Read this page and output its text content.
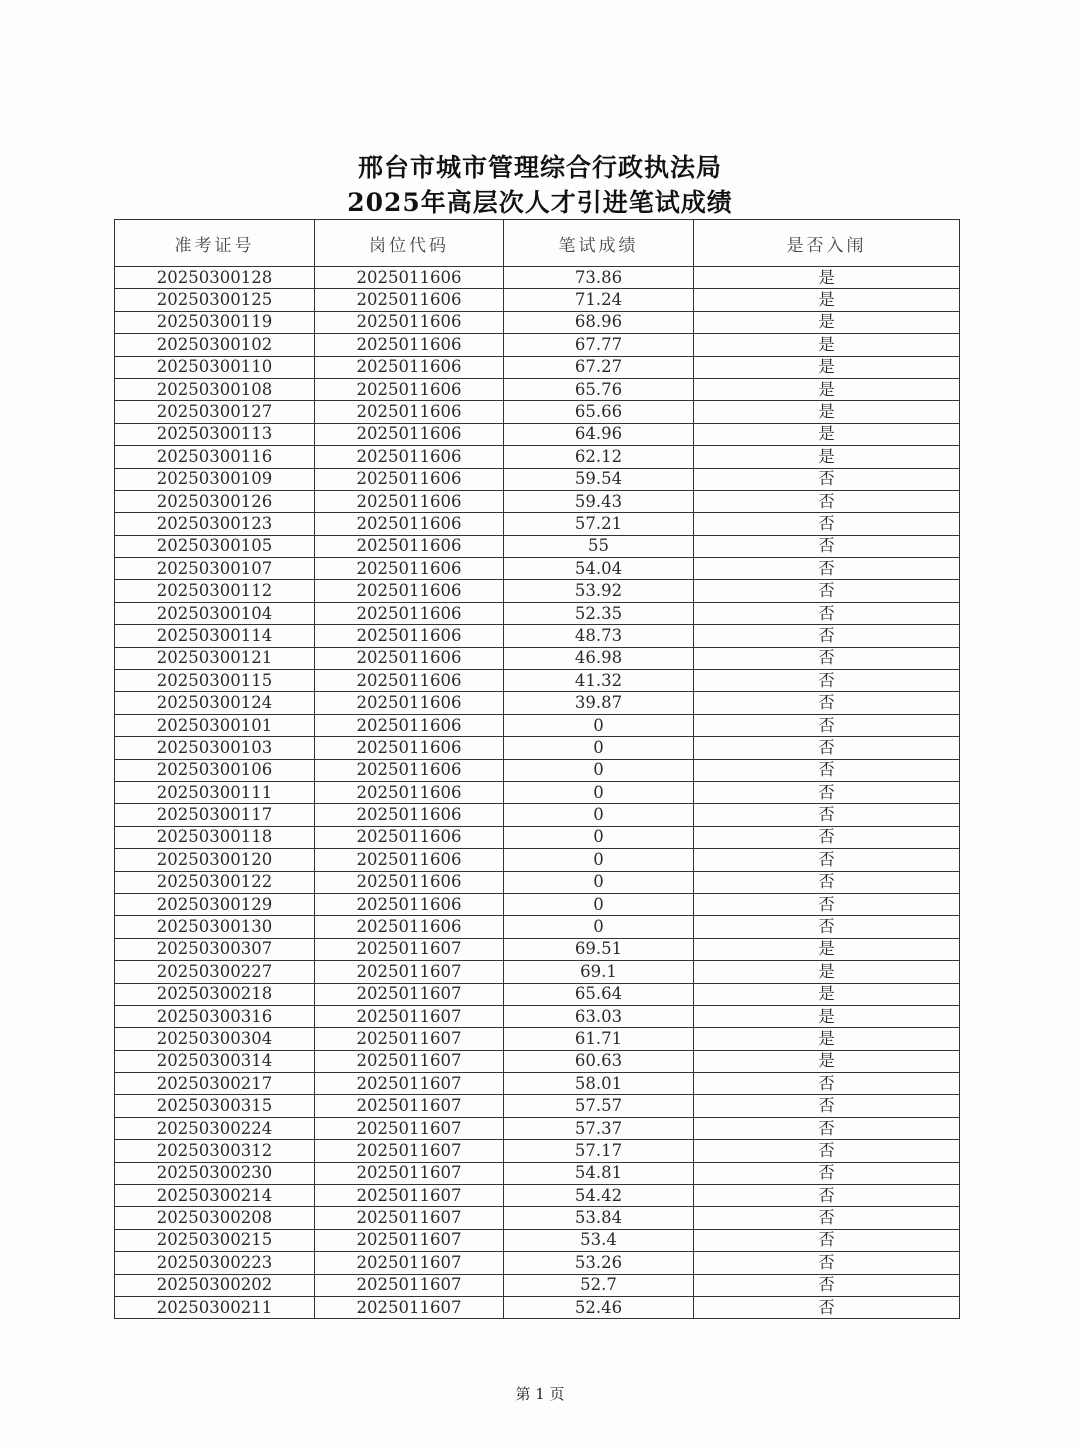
邢台市城市管理综合行政执法局
2025年高层次人才引进笔试成绩
准考证号	岗位代码	笔试成绩	是否入闱
20250300128	2025011606	73.86	是
20250300125	2025011606	71.24	是
20250300119	2025011606	68.96	是
20250300102	2025011606	67.77	是
20250300110	2025011606	67.27	是
20250300108	2025011606	65.76	是
20250300127	2025011606	65.66	是
20250300113	2025011606	64.96	是
20250300116	2025011606	62.12	是
20250300109	2025011606	59.54	否
20250300126	2025011606	59.43	否
20250300123	2025011606	57.21	否
20250300105	2025011606	55	否
20250300107	2025011606	54.04	否
20250300112	2025011606	53.92	否
20250300104	2025011606	52.35	否
20250300114	2025011606	48.73	否
20250300121	2025011606	46.98	否
20250300115	2025011606	41.32	否
20250300124	2025011606	39.87	否
20250300101	2025011606	0	否
20250300103	2025011606	0	否
20250300106	2025011606	0	否
20250300111	2025011606	0	否
20250300117	2025011606	0	否
20250300118	2025011606	0	否
20250300120	2025011606	0	否
20250300122	2025011606	0	否
20250300129	2025011606	0	否
20250300130	2025011606	0	否
20250300307	2025011607	69.51	是
20250300227	2025011607	69.1	是
20250300218	2025011607	65.64	是
20250300316	2025011607	63.03	是
20250300304	2025011607	61.71	是
20250300314	2025011607	60.63	是
20250300217	2025011607	58.01	否
20250300315	2025011607	57.57	否
20250300224	2025011607	57.37	否
20250300312	2025011607	57.17	否
20250300230	2025011607	54.81	否
20250300214	2025011607	54.42	否
20250300208	2025011607	53.84	否
20250300215	2025011607	53.4	否
20250300223	2025011607	53.26	否
20250300202	2025011607	52.7	否
20250300211	2025011607	52.46	否
第 1 页
